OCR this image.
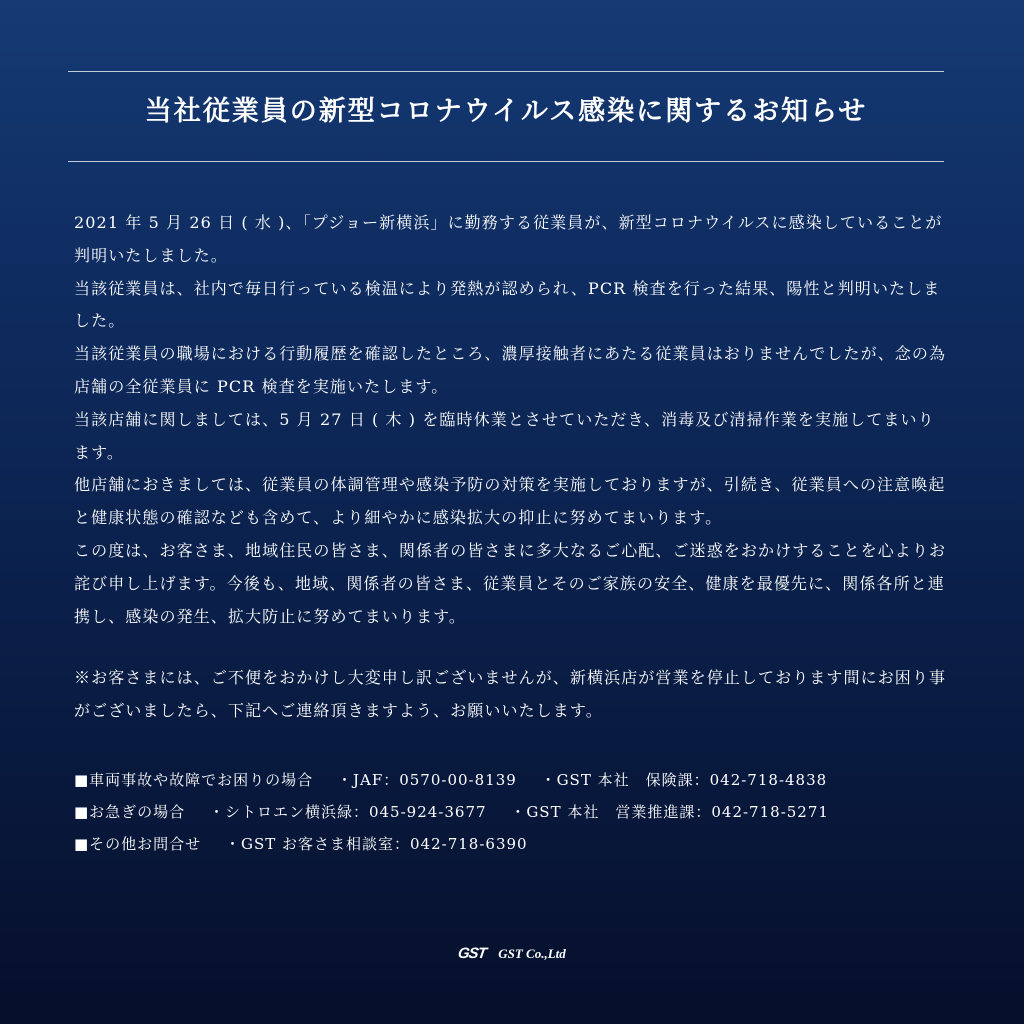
当社従業員の新型コロナウイルス感染に関するお知らせ

2021 年 5 月 26 日 ( 水 )、「プジョー新横浜」に勤務する従業員が、新型コロナウイルスに感染していることが判明いたしました。

当該従業員は、社内で毎日行っている検温により発熱が認められ、PCR 検査を行った結果、陽性と判明いたしました。

当該従業員の職場における行動履歴を確認したところ、濃厚接触者にあたる従業員はおりませんでしたが、念の為店舗の全従業員に PCR 検査を実施いたします。

当該店舗に関しましては、5 月 27 日 ( 木 ) を臨時休業とさせていただき、消毒及び清掃作業を実施してまいります。

他店舗におきましては、従業員の体調管理や感染予防の対策を実施しておりますが、引続き、従業員への注意喚起と健康状態の確認なども含めて、より細やかに感染拡大の抑止に努めてまいります。

この度は、お客さま、地域住民の皆さま、関係者の皆さまに多大なるご心配、ご迷惑をおかけすることを心よりお詫び申し上げます。今後も、地域、関係者の皆さま、従業員とそのご家族の安全、健康を最優先に、関係各所と連携し、感染の発生、拡大防止に努めてまいります。

※お客さまには、ご不便をおかけし大変申し訳ございませんが、新横浜店が営業を停止しております間にお困り事がございましたら、下記へご連絡頂きますよう、お願いいたします。

■車両事故や故障でお困りの場合 ・JAF：0570-00-8139 ・GST 本社　保険課：042-718-4838
■お急ぎの場合 ・シトロエン横浜緑：045-924-3677 ・GST 本社　営業推進課：042-718-5271
■その他お問合せ ・GST お客さま相談室：042-718-6390
GST GST Co.,Ltd
